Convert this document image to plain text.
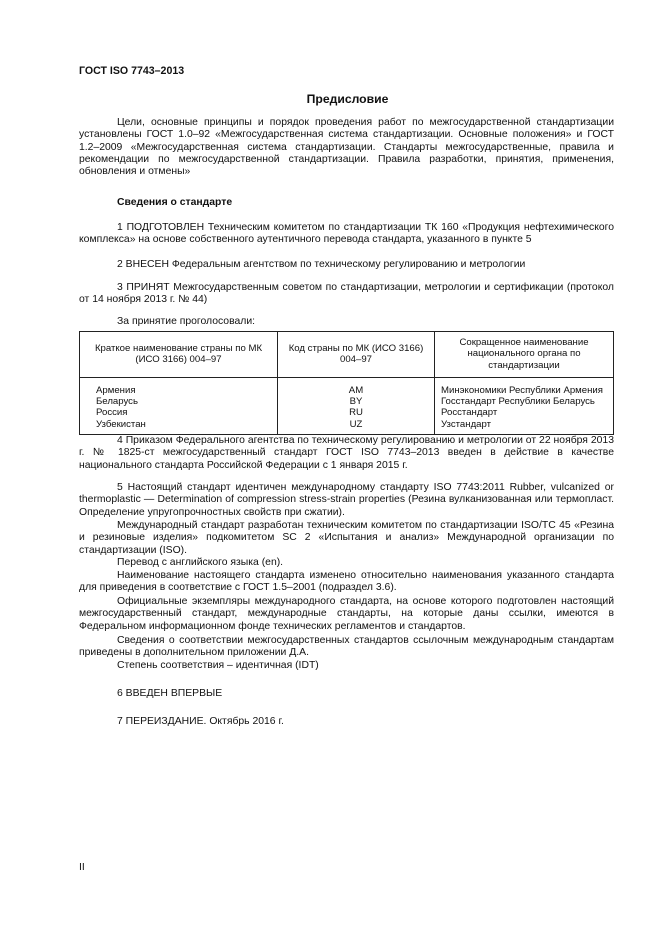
ГОСТ ISO 7743–2013
Предисловие

Цели, основные принципы и порядок проведения работ по межгосударственной стандартизации установлены ГОСТ 1.0–92 «Межгосударственная система стандартизации. Основные положения» и ГОСТ 1.2–2009 «Межгосударственная система стандартизации. Стандарты межгосударственные, правила и рекомендации по межгосударственной стандартизации. Правила разработки, принятия, применения, обновления и отмены»

Сведения о стандарте

1 ПОДГОТОВЛЕН Техническим комитетом по стандартизации ТК 160 «Продукция нефтехимического комплекса» на основе собственного аутентичного перевода стандарта, указанного в пункте 5

2 ВНЕСЕН Федеральным агентством по техническому регулированию и метрологии

3 ПРИНЯТ Межгосударственным советом по стандартизации, метрологии и сертификации (протокол от 14 ноября 2013 г. № 44)

За принятие проголосовали:
Краткое наименование страны по МК (ИСО 3166) 004–97	Код страны по МК (ИСО 3166) 004–97	Сокращенное наименование национального органа по стандартизации
Армения	AM	Минэкономики Республики Армения
Беларусь	BY	Госстандарт Республики Беларусь
Россия	RU	Росстандарт
Узбекистан	UZ	Узстандарт

4 Приказом Федерального агентства по техническому регулированию и метрологии от 22 ноября 2013 г. № 1825-ст межгосударственный стандарт ГОСТ ISO 7743–2013 введен в действие в качестве национального стандарта Российской Федерации с 1 января 2015 г.

5 Настоящий стандарт идентичен международному стандарту ISO 7743:2011 Rubber, vulcanized or thermoplastic — Determination of compression stress-strain properties (Резина вулканизованная или термопласт. Определение упругопрочностных свойств при сжатии).

Международный стандарт разработан техническим комитетом по стандартизации ISO/TC 45 «Резина и резиновые изделия» подкомитетом SC 2 «Испытания и анализ» Международной организации по стандартизации (ISO).

Перевод с английского языка (en).

Наименование настоящего стандарта изменено относительно наименования указанного стандарта для приведения в соответствие с ГОСТ 1.5–2001 (подраздел 3.6).

Официальные экземпляры международного стандарта, на основе которого подготовлен настоящий межгосударственный стандарт, международные стандарты, на которые даны ссылки, имеются в Федеральном информационном фонде технических регламентов и стандартов.

Сведения о соответствии межгосударственных стандартов ссылочным международным стандартам приведены в дополнительном приложении Д.А.

Степень соответствия – идентичная (IDT)

6 ВВЕДЕН ВПЕРВЫЕ

7 ПЕРЕИЗДАНИЕ. Октябрь 2016 г.

II
